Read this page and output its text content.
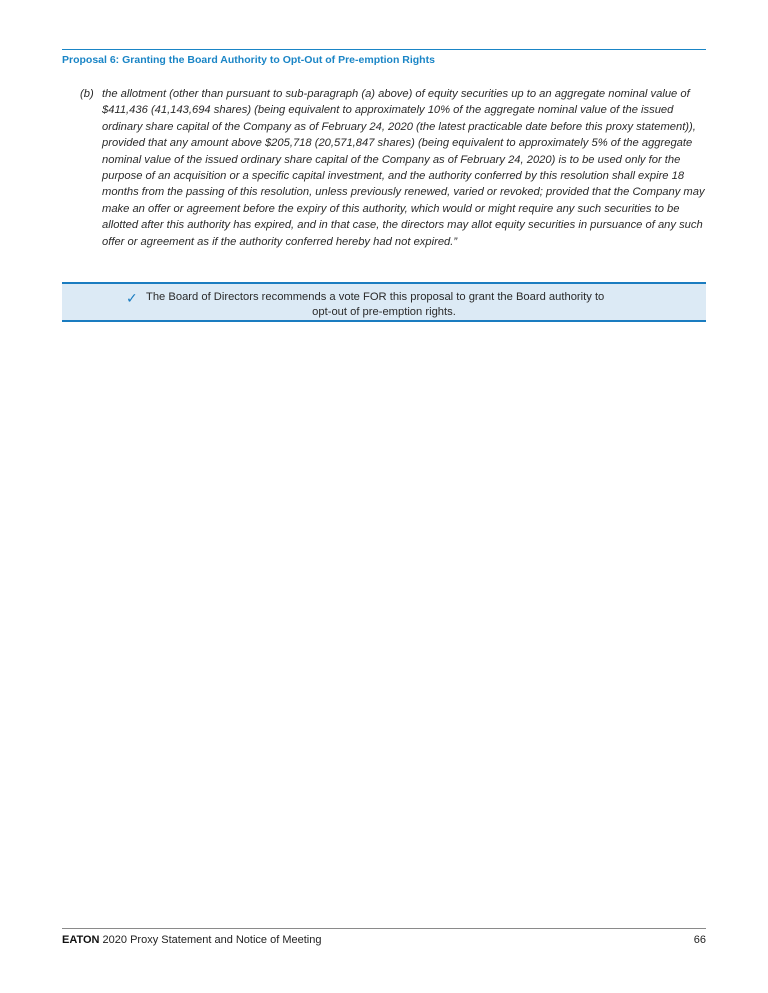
Proposal 6: Granting the Board Authority to Opt-Out of Pre-emption Rights
(b) the allotment (other than pursuant to sub-paragraph (a) above) of equity securities up to an aggregate nominal value of $411,436 (41,143,694 shares) (being equivalent to approximately 10% of the aggregate nominal value of the issued ordinary share capital of the Company as of February 24, 2020 (the latest practicable date before this proxy statement)), provided that any amount above $205,718 (20,571,847 shares) (being equivalent to approximately 5% of the aggregate nominal value of the issued ordinary share capital of the Company as of February 24, 2020) is to be used only for the purpose of an acquisition or a specific capital investment, and the authority conferred by this resolution shall expire 18 months from the passing of this resolution, unless previously renewed, varied or revoked; provided that the Company may make an offer or agreement before the expiry of this authority, which would or might require any such securities to be allotted after this authority has expired, and in that case, the directors may allot equity securities in pursuance of any such offer or agreement as if the authority conferred hereby had not expired.”
✓ The Board of Directors recommends a vote FOR this proposal to grant the Board authority to
opt-out of pre-emption rights.
EATON 2020 Proxy Statement and Notice of Meeting	66
